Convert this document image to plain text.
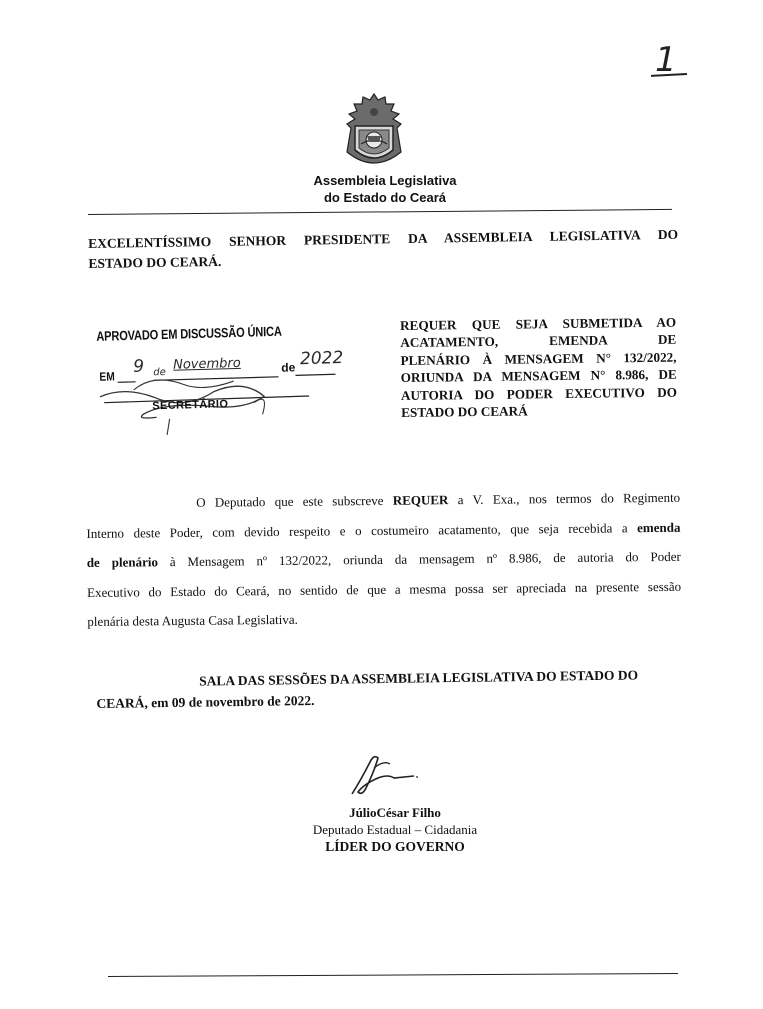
1
Assembleia Legislativa
do Estado do Ceará
EXCELENTÍSSIMO SENHOR PRESIDENTE DA ASSEMBLEIA LEGISLATIVA DO
ESTADO DO CEARÁ.
APROVADO EM DISCUSSÃO ÚNICA
EM 9 de Novembro	de 2022
SECRETÁRIO
REQUER QUE SEJA SUBMETIDA AO
ACATAMENTO, EMENDA DE
PLENÁRIO À MENSAGEM N° 132/2022,
ORIUNDA DA MENSAGEM N° 8.986, DE
AUTORIA DO PODER EXECUTIVO DO
ESTADO DO CEARÁ
O Deputado que este subscreve REQUER a V. Exa., nos termos do Regimento
Interno deste Poder, com devido respeito e o costumeiro acatamento, que seja recebida a emenda
de plenário à Mensagem nº 132/2022, oriunda da mensagem nº 8.986, de autoria do Poder
Executivo do Estado do Ceará, no sentido de que a mesma possa ser apreciada na presente sessão
plenária desta Augusta Casa Legislativa.
SALA DAS SESSÕES DA ASSEMBLEIA LEGISLATIVA DO ESTADO DO
CEARÁ, em 09 de novembro de 2022.
JúlioCésar Filho
Deputado Estadual – Cidadania
LÍDER DO GOVERNO
